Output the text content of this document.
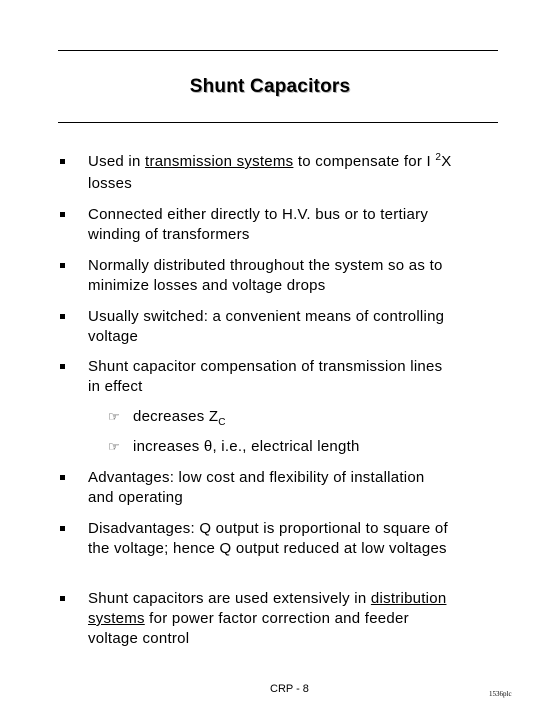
Shunt Capacitors
Used in transmission systems to compensate for I $^2$X
losses
Connected either directly to H.V. bus or to tertiary
winding of transformers
Normally distributed throughout the system so as to
minimize losses and voltage drops
Usually switched: a convenient means of controlling
voltage
Shunt capacitor compensation of transmission lines
in effect
☞ decreases $Z_C$
☞ increases θ, i.e., electrical length
Advantages: low cost and flexibility of installation
and operating
Disadvantages: Q output is proportional to square of
the voltage; hence Q output reduced at low voltages
Shunt capacitors are used extensively in distribution
systems for power factor correction and feeder
voltage control
CRP - 8	1536plc
